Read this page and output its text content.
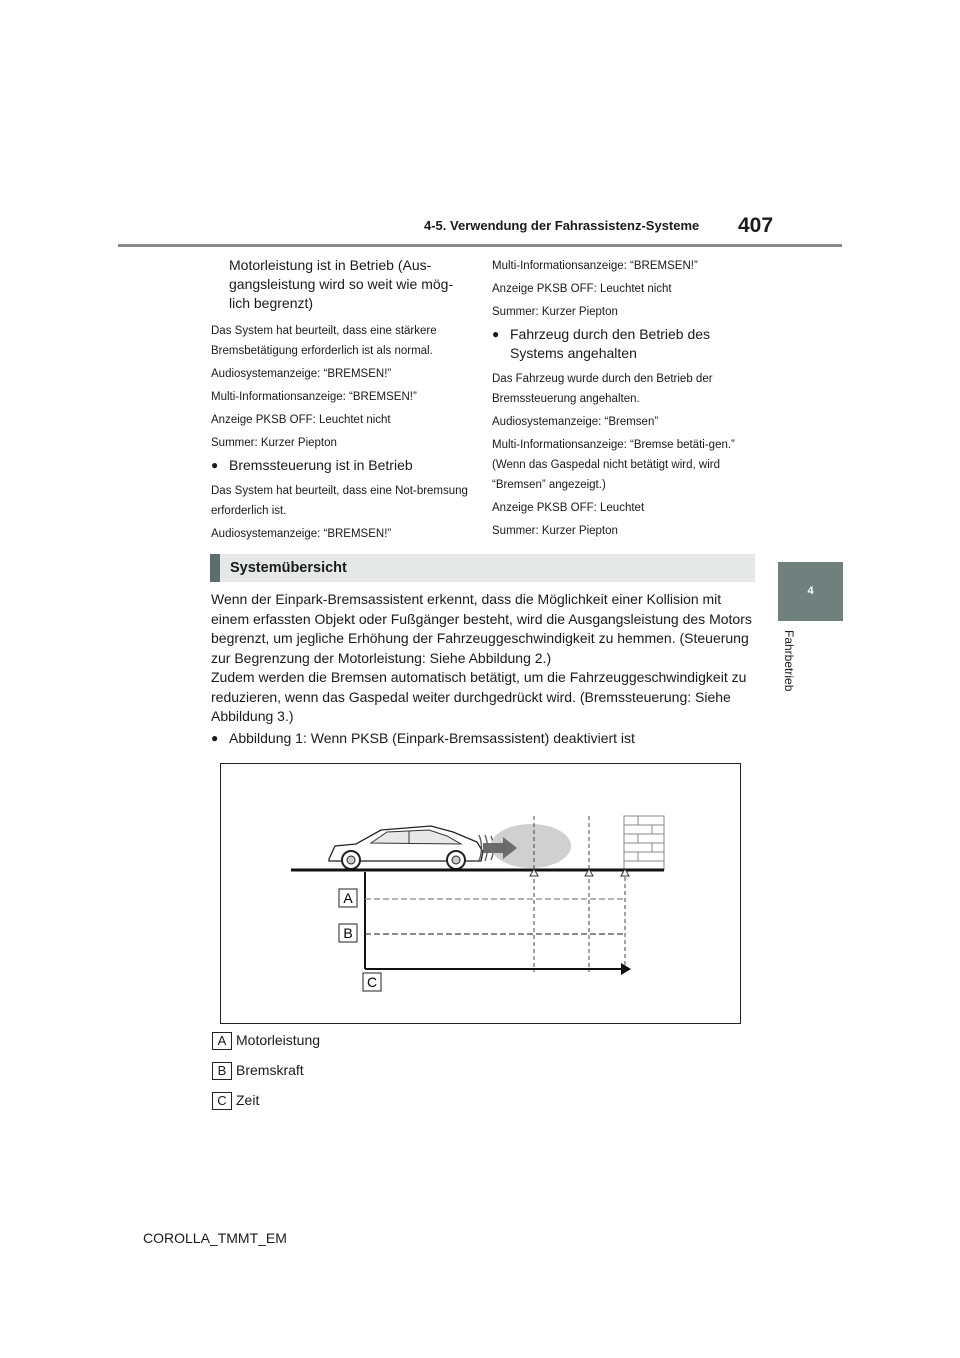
4-5. Verwendung der Fahrassistenz-Systeme 407
4
Fahrbetrieb

Motorleistung ist in Betrieb (Aus-gangsleistung wird so weit wie mög-lich begrenzt)

Das System hat beurteilt, dass eine stärkere Bremsbetätigung erforderlich ist als normal.

Audiosystemanzeige: “BREMSEN!”

Multi-Informationsanzeige: “BREMSEN!”

Anzeige PKSB OFF: Leuchtet nicht

Summer: Kurzer Piepton

● Bremssteuerung ist in Betrieb

Das System hat beurteilt, dass eine Not-bremsung erforderlich ist.

Audiosystemanzeige: “BREMSEN!”

Multi-Informationsanzeige: “BREMSEN!”

Anzeige PKSB OFF: Leuchtet nicht

Summer: Kurzer Piepton

● Fahrzeug durch den Betrieb des Systems angehalten

Das Fahrzeug wurde durch den Betrieb der Bremssteuerung angehalten.

Audiosystemanzeige: “Bremsen”

Multi-Informationsanzeige: “Bremse betäti-gen.” (Wenn das Gaspedal nicht betätigt wird, wird “Bremsen” angezeigt.)

Anzeige PKSB OFF: Leuchtet

Summer: Kurzer Piepton

Systemübersicht

Wenn der Einpark-Bremsassistent erkennt, dass die Möglichkeit einer Kollision mit einem erfassten Objekt oder Fußgänger besteht, wird die Ausgangsleistung des Motors begrenzt, um jegliche Erhöhung der Fahrzeuggeschwindigkeit zu hemmen. (Steuerung zur Begrenzung der Motorleistung: Siehe Abbildung 2.)

Zudem werden die Bremsen automatisch betätigt, um die Fahrzeuggeschwindigkeit zu reduzieren, wenn das Gaspedal weiter durchgedrückt wird. (Bremssteuerung: Siehe Abbildung 3.)

● Abbildung 1: Wenn PKSB (Einpark-Bremsassistent) deaktiviert ist
A
B
C
A Motorleistung
B Bremskraft
C Zeit
COROLLA_TMMT_EM
